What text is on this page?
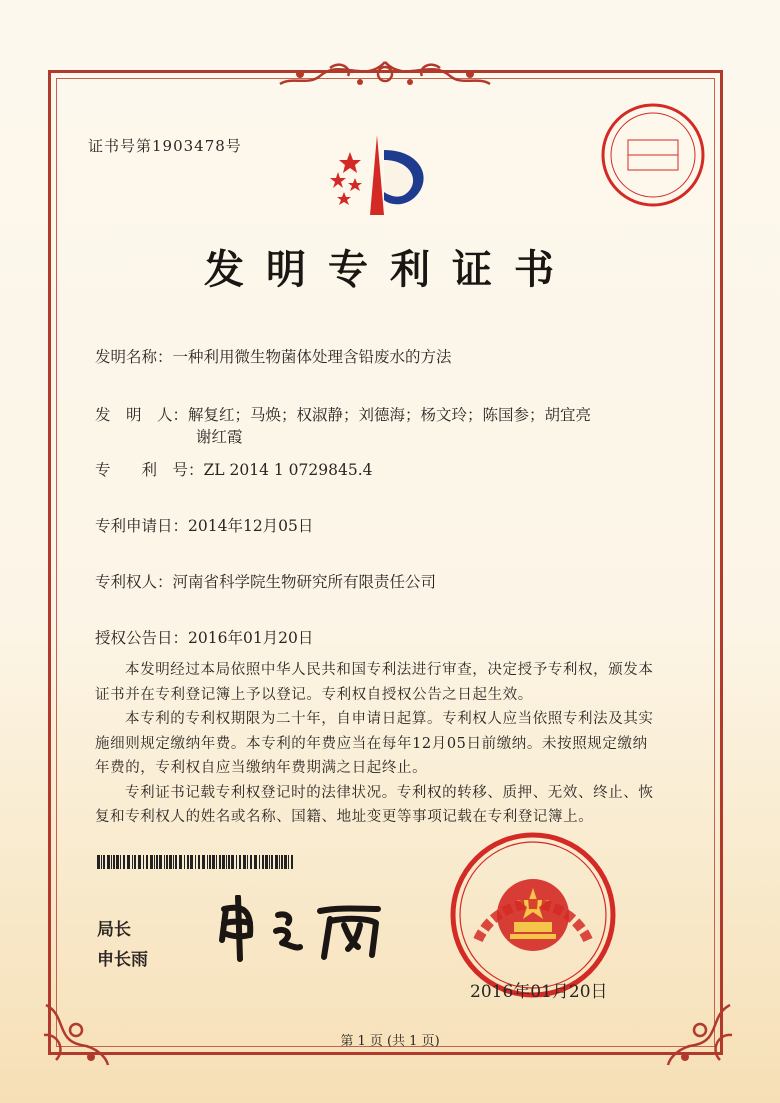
证书号第1903478号
发明专利证书
发明名称：一种利用微生物菌体处理含铅废水的方法
发　明　人：解复红；马焕；权淑静；刘德海；杨文玲；陈国参；胡宜亮
谢红霞
专　　利　号：ZL 2014 1 0729845.4
专利申请日：2014年12月05日
专利权人：河南省科学院生物研究所有限责任公司
授权公告日：2016年01月20日

本发明经过本局依照中华人民共和国专利法进行审查，决定授予专利权，颁发本证书并在专利登记簿上予以登记。专利权自授权公告之日起生效。

本专利的专利权期限为二十年，自申请日起算。专利权人应当依照专利法及其实施细则规定缴纳年费。本专利的年费应当在每年12月05日前缴纳。未按照规定缴纳年费的，专利权自应当缴纳年费期满之日起终止。

专利证书记载专利权登记时的法律状况。专利权的转移、质押、无效、终止、恢复和专利权人的姓名或名称、国籍、地址变更等事项记载在专利登记簿上。

局长
申长雨
2016年01月20日
第 1 页 (共 1 页)
